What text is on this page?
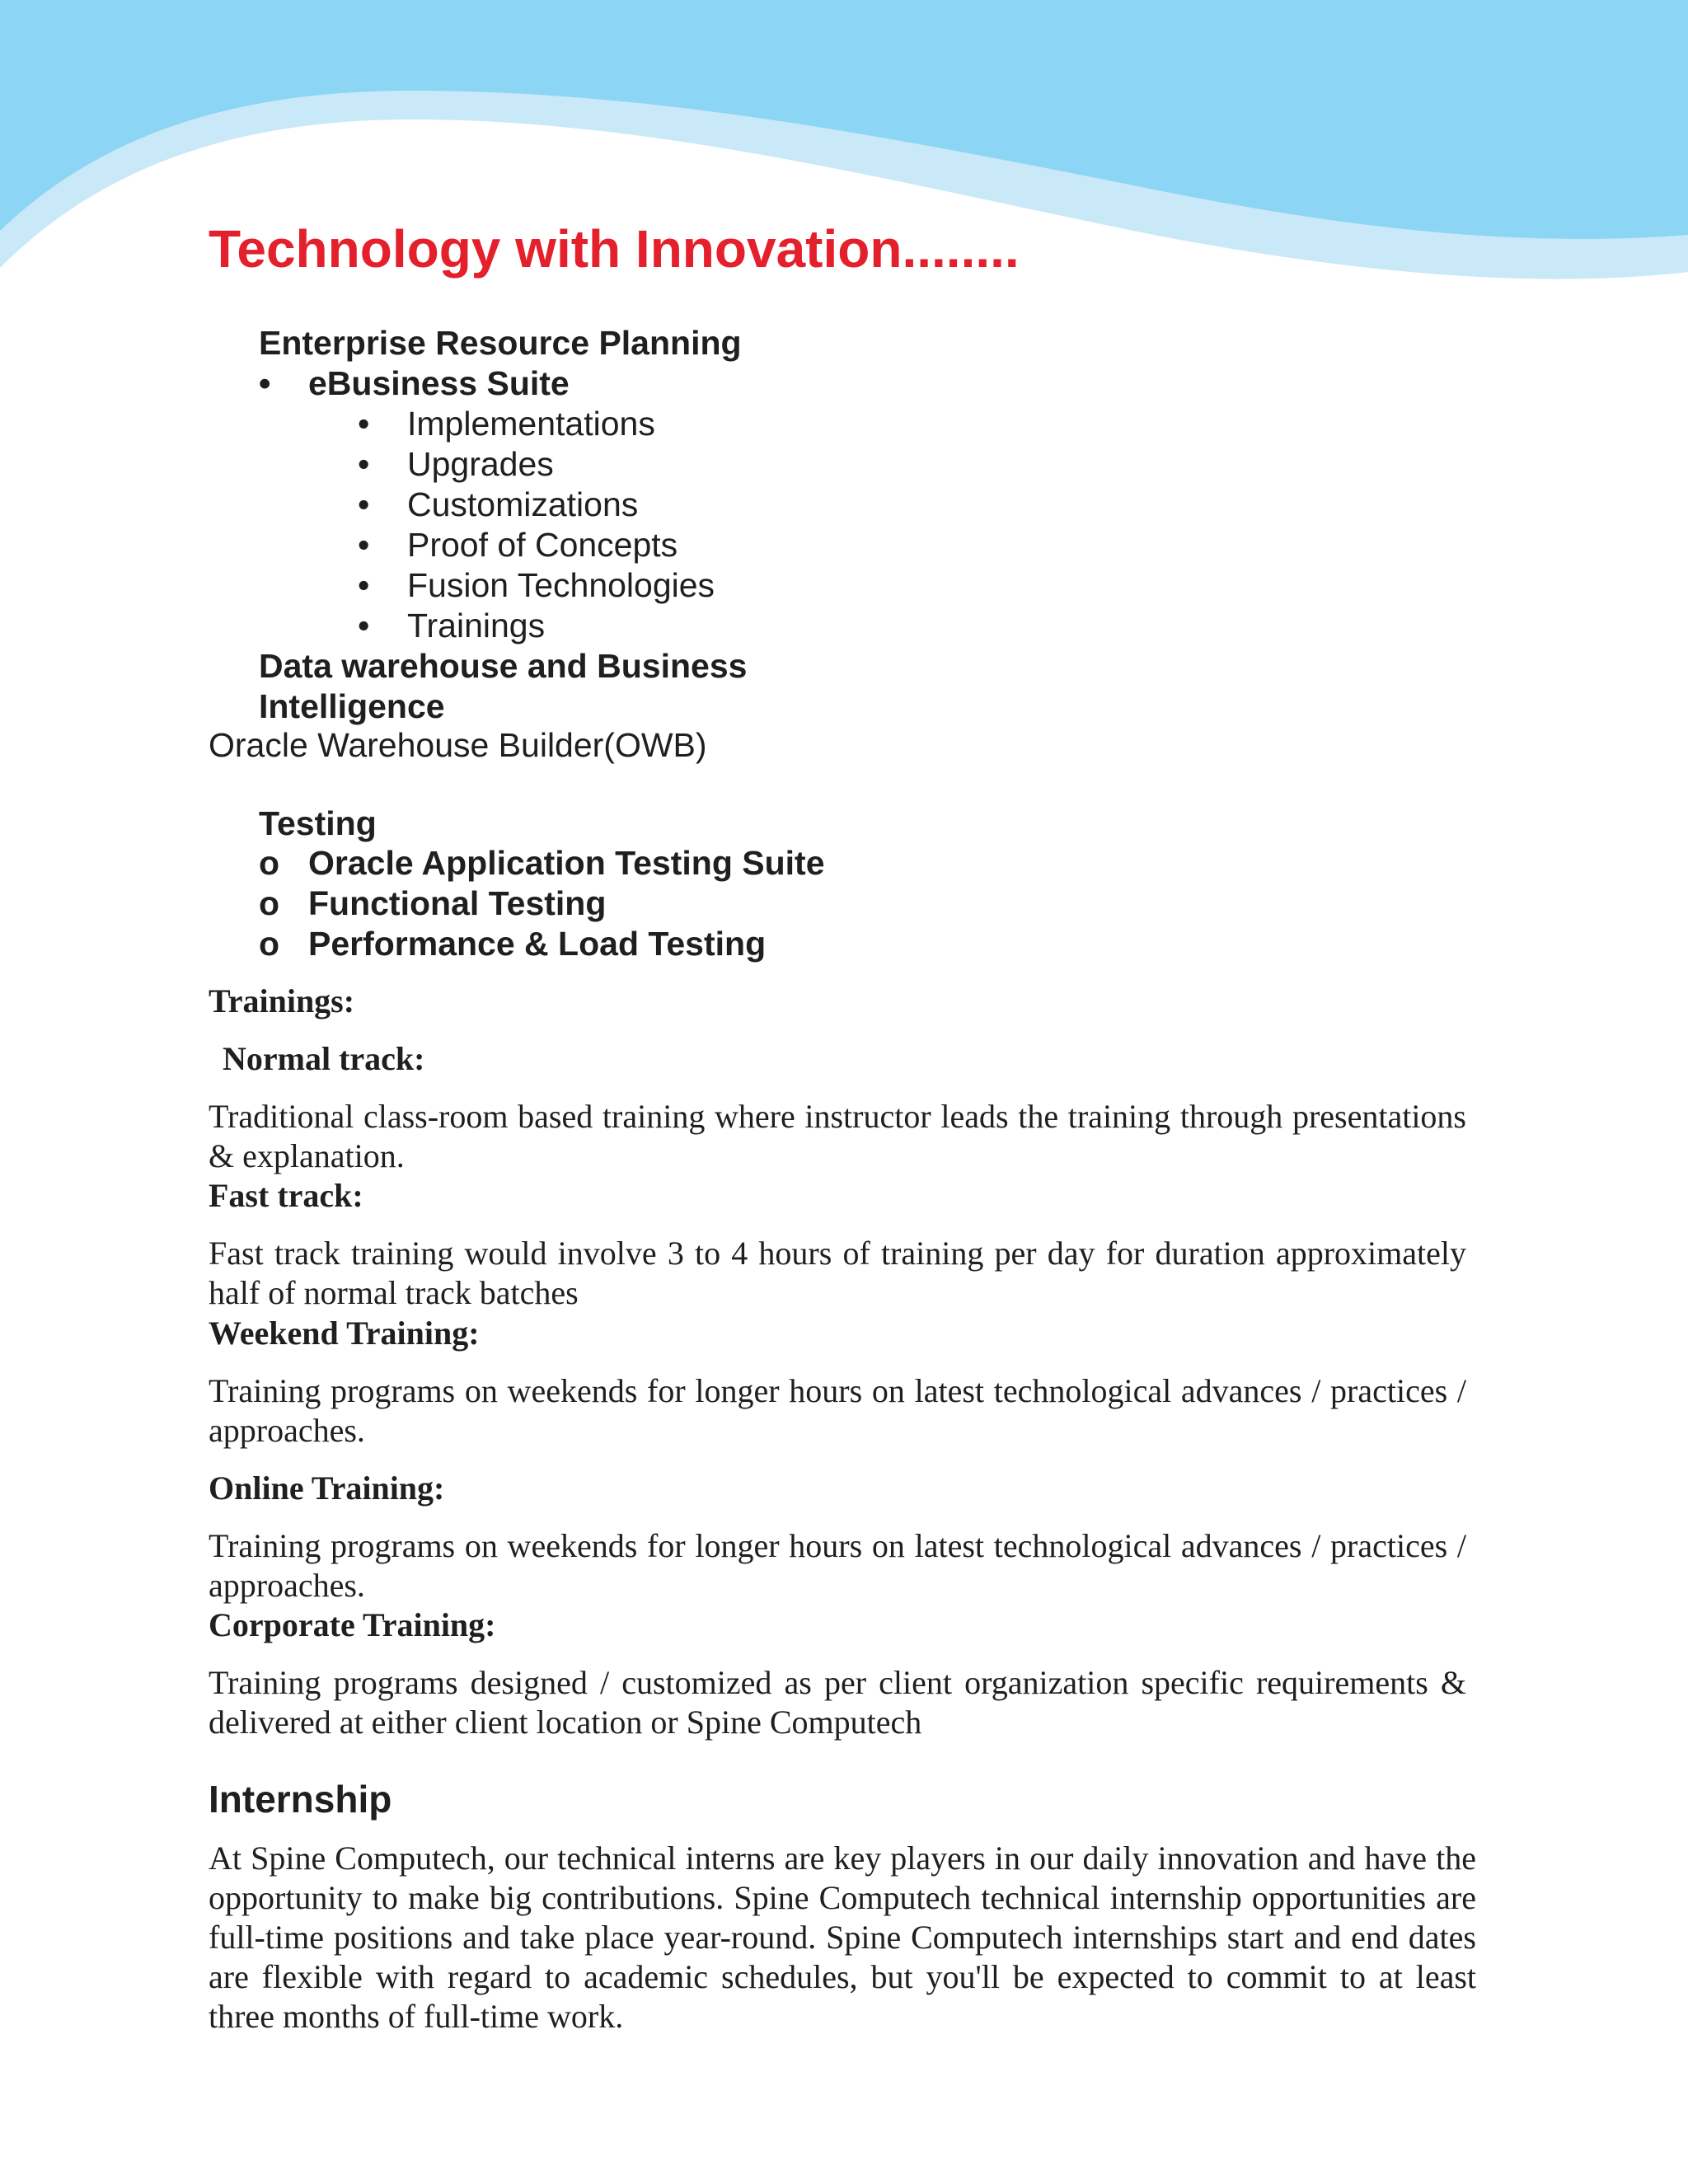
Technology with Innovation........
Enterprise Resource Planning
• eBusiness Suite
• Implementations
• Upgrades
• Customizations
• Proof of Concepts
• Fusion Technologies
• Trainings
Data warehouse and Business
Intelligence
Oracle Warehouse Builder(OWB)
Testing
o Oracle Application Testing Suite
o Functional Testing
o Performance & Load Testing
Trainings:
Normal track:

Traditional class-room based training where instructor leads the training through presentations & explanation.

Fast track:

Fast track training would involve 3 to 4 hours of training per day for duration approximately half of normal track batches

Weekend Training:

Training programs on weekends for longer hours on latest technological advances / practices / approaches.

Online Training:

Training programs on weekends for longer hours on latest technological advances / practices / approaches.

Corporate Training:

Training programs designed / customized as per client organization specific requirements & delivered at either client location or Spine Computech

Internship

At Spine Computech, our technical interns are key players in our daily innovation and have the opportunity to make big contributions. Spine Computech technical internship opportunities are full-time positions and take place year-round. Spine Computech internships start and end dates are flexible with regard to academic schedules, but you'll be expected to commit to at least three months of full-time work.
